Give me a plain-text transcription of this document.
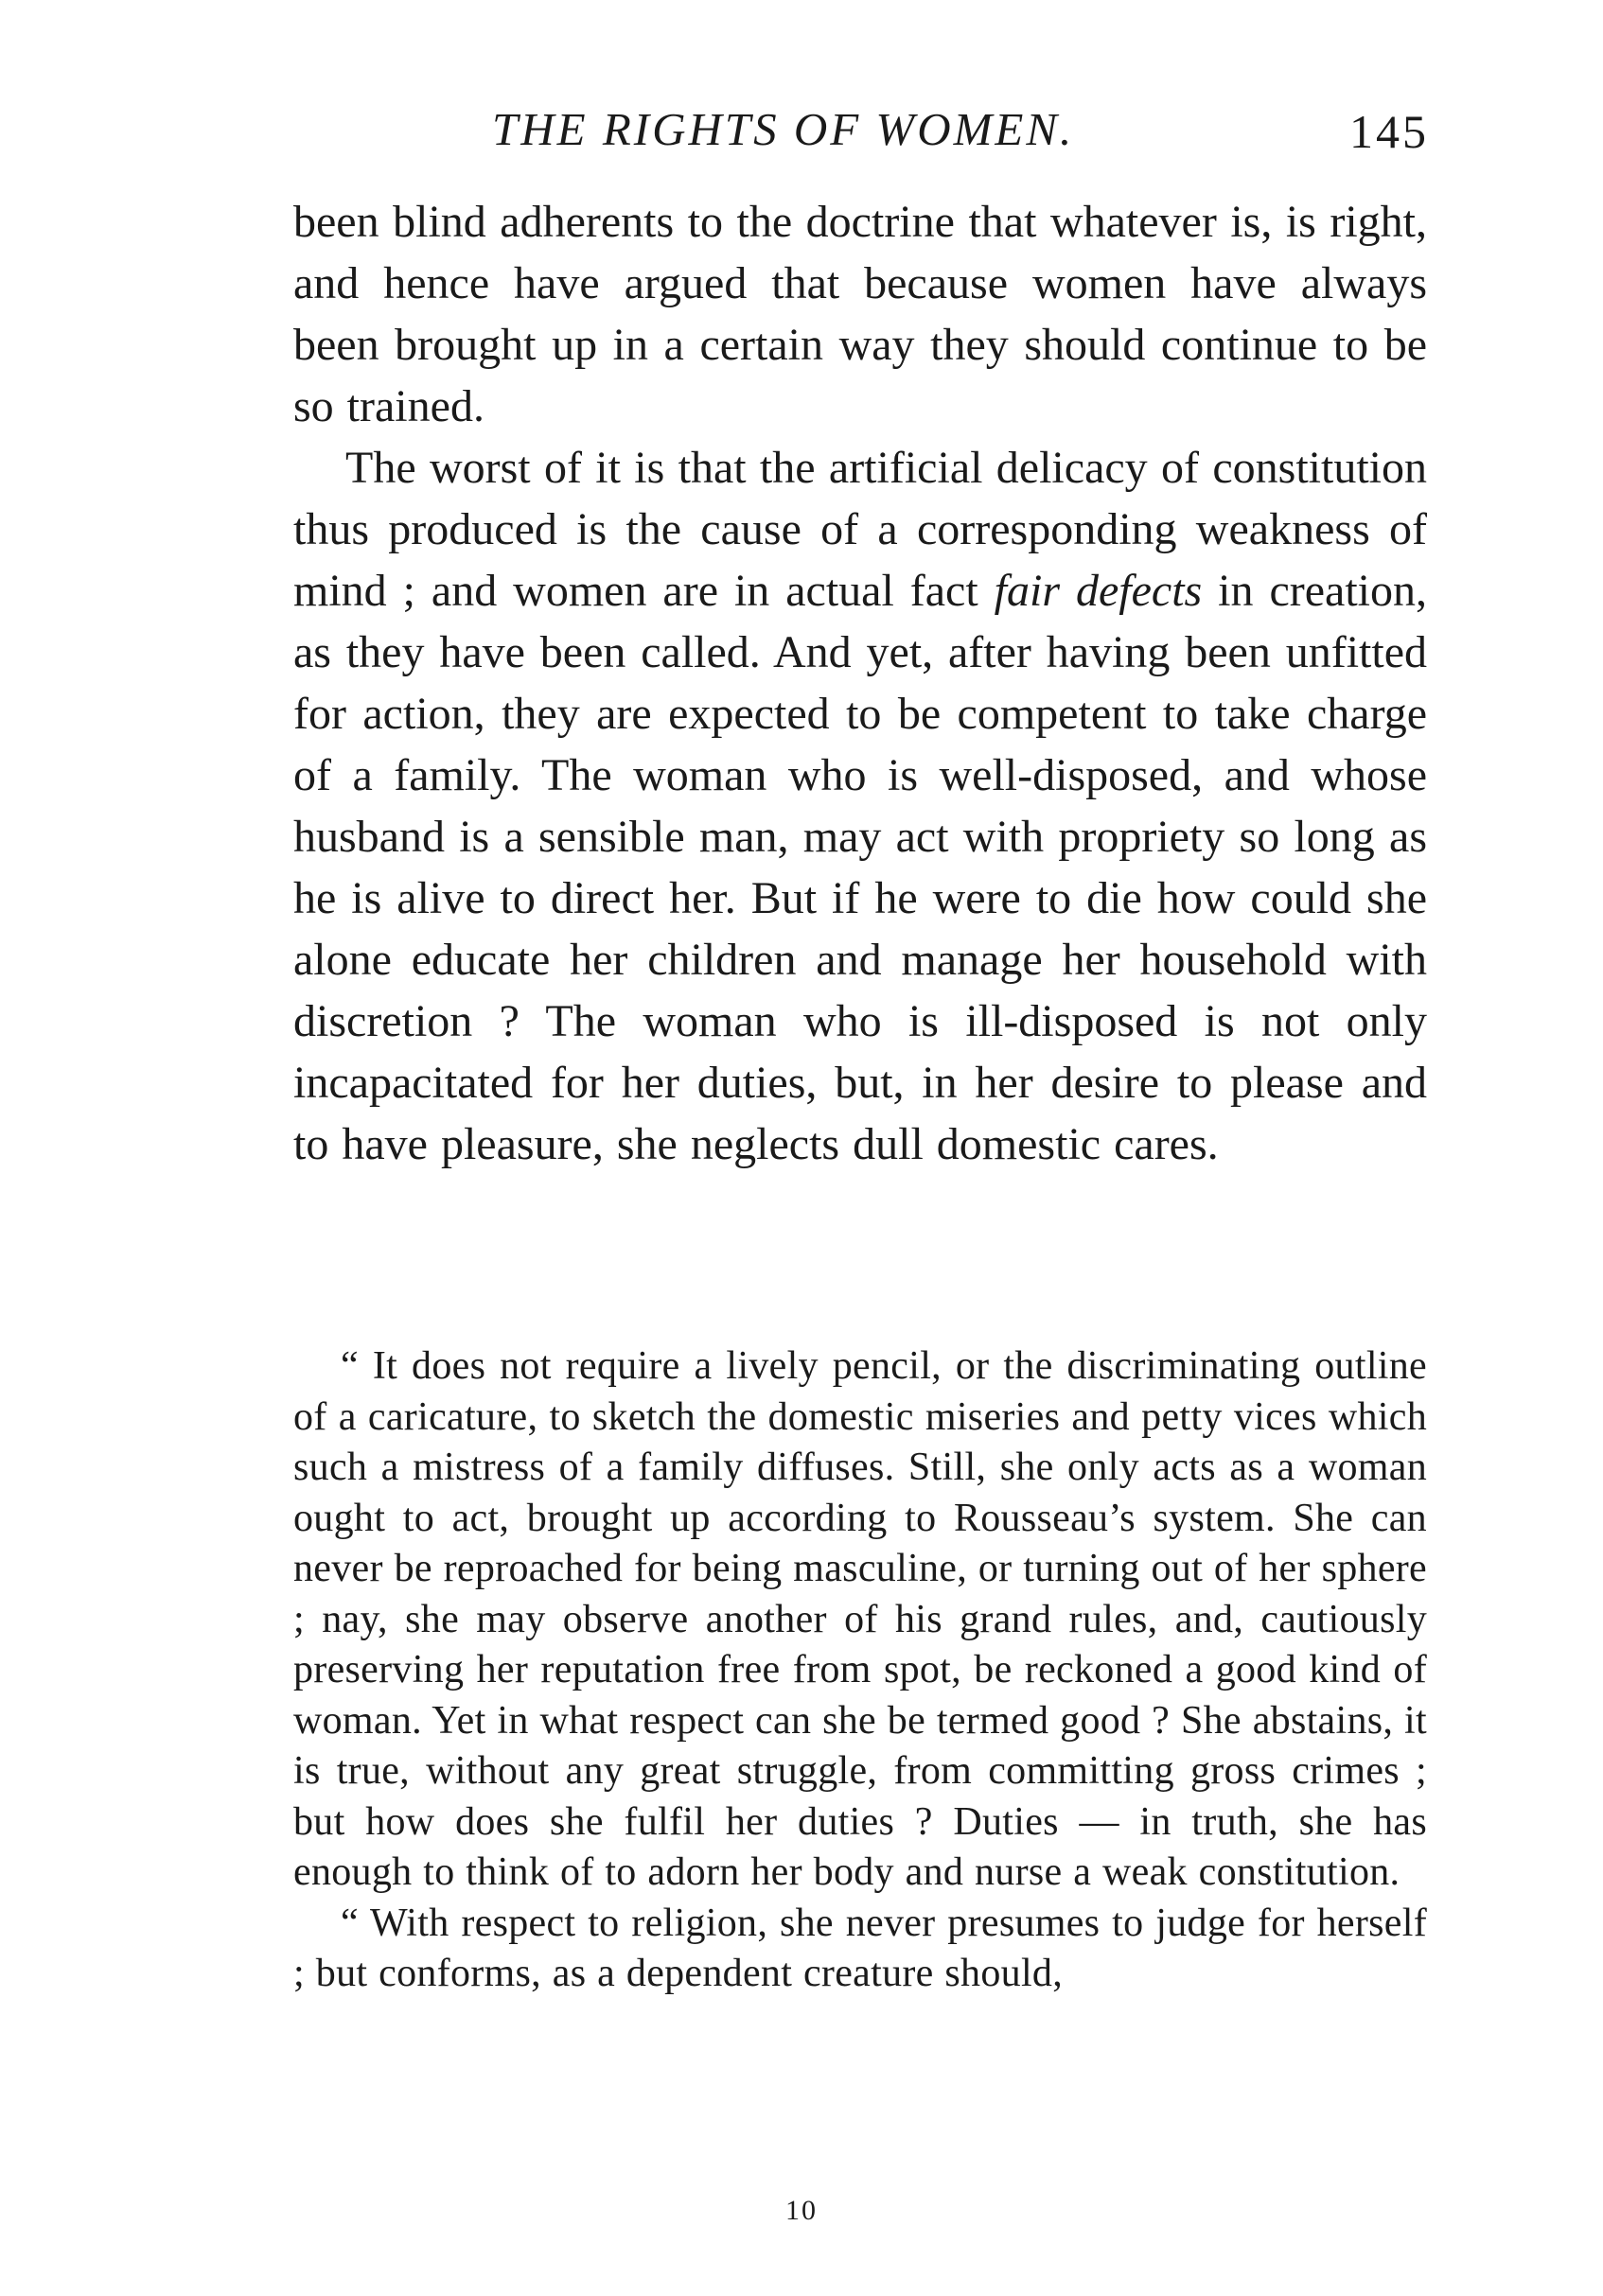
THE RIGHTS OF WOMEN.	145

been blind adherents to the doctrine that whatever is, is right, and hence have argued that because women have always been brought up in a certain way they should continue to be so trained.

The worst of it is that the artificial delicacy of constitution thus produced is the cause of a corresponding weakness of mind ; and women are in actual fact fair defects in creation, as they have been called. And yet, after having been unfitted for action, they are expected to be competent to take charge of a family. The woman who is well-disposed, and whose husband is a sensible man, may act with propriety so long as he is alive to direct her. But if he were to die how could she alone educate her children and manage her household with discretion ? The woman who is ill-disposed is not only incapacitated for her duties, but, in her desire to please and to have pleasure, she neglects dull domestic cares.

“ It does not require a lively pencil, or the discriminating outline of a caricature, to sketch the domestic miseries and petty vices which such a mistress of a family diffuses. Still, she only acts as a woman ought to act, brought up according to Rousseau’s system. She can never be reproached for being masculine, or turning out of her sphere ; nay, she may observe another of his grand rules, and, cautiously preserving her reputation free from spot, be reckoned a good kind of woman. Yet in what respect can she be termed good ? She abstains, it is true, without any great struggle, from committing gross crimes ; but how does she fulfil her duties ? Duties — in truth, she has enough to think of to adorn her body and nurse a weak constitution.

“ With respect to religion, she never presumes to judge for herself ; but conforms, as a dependent creature should,

10
